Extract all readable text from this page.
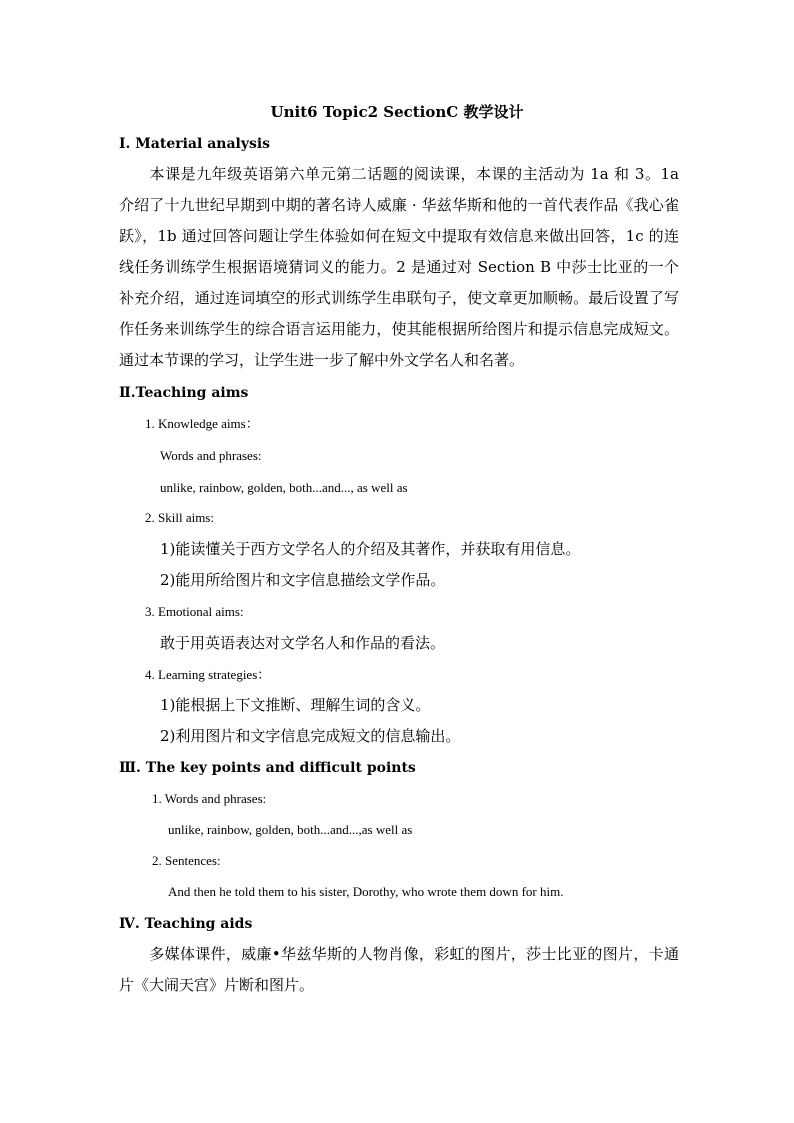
Unit6 Topic2 SectionC 教学设计
Ⅰ. Material analysis
本课是九年级英语第六单元第二话题的阅读课，本课的主活动为 1a 和 3。1a 介绍了十九世纪早期到中期的著名诗人威廉 · 华兹华斯和他的一首代表作品《我心雀跃》，1b 通过回答问题让学生体验如何在短文中提取有效信息来做出回答，1c 的连线任务训练学生根据语境猜词义的能力。2 是通过对 Section B 中莎士比亚的一个补充介绍，通过连词填空的形式训练学生串联句子，使文章更加顺畅。最后设置了写作任务来训练学生的综合语言运用能力，使其能根据所给图片和提示信息完成短文。通过本节课的学习，让学生进一步了解中外文学名人和名著。
Ⅱ.Teaching aims
1. Knowledge aims：
Words and phrases:
unlike, rainbow, golden, both...and..., as well as
2. Skill aims:
1)能读懂关于西方文学名人的介绍及其著作，并获取有用信息。
2)能用所给图片和文字信息描绘文学作品。
3. Emotional aims:
敢于用英语表达对文学名人和作品的看法。
4. Learning strategies：
1)能根据上下文推断、理解生词的含义。
2)利用图片和文字信息完成短文的信息输出。
Ⅲ. The key points and difficult points
1. Words and phrases:
unlike, rainbow, golden, both...and...,as well as
2. Sentences:
And then he told them to his sister, Dorothy, who wrote them down for him.
Ⅳ. Teaching aids
多媒体课件，威廉•华兹华斯的人物肖像，彩虹的图片，莎士比亚的图片，卡通片《大闹天宫》片断和图片。
